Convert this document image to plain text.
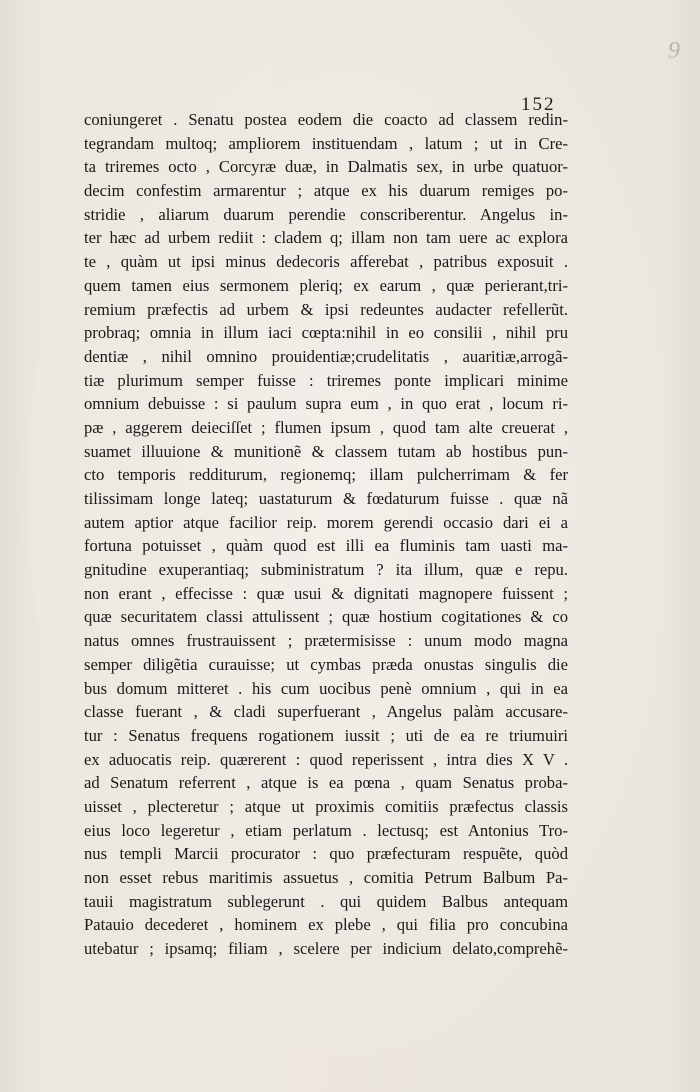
9
152
coniungeret . Senatu postea eodem die coacto ad classem redin-
tegrandam multoq; ampliorem instituendam , latum ; ut in Cre-
ta triremes octo , Corcyræ duæ, in Dalmatis sex, in urbe quatuor-
decim confestim armarentur ; atque ex his duarum remiges po-
stridie , aliarum duarum perendie conscriberentur. Angelus in-
ter hæc ad urbem rediit : cladem q; illam non tam uere ac explora
te , quàm ut ipsi minus dedecoris afferebat , patribus exposuit .
quem tamen eius sermonem pleriq; ex earum , quæ perierant,tri-
remium præfectis ad urbem & ipsi redeuntes audacter refellerũt.
probraq; omnia in illum iaci cœpta:nihil in eo consilii , nihil pru
dentiæ , nihil omnino prouidentiæ;crudelitatis , auaritiæ,arrogã-
tiæ plurimum semper fuisse : triremes ponte implicari minime
omnium debuisse : si paulum supra eum , in quo erat , locum ri-
pæ , aggerem deieciſſet ; flumen ipsum , quod tam alte creuerat ,
suamet illuuione & munitionẽ & classem tutam ab hostibus pun-
cto temporis redditurum, regionemq; illam pulcherrimam & fer
tilissimam longe lateq; uastaturum & fœdaturum fuisse . quæ nã
autem aptior atque facilior reip. morem gerendi occasio dari ei a
fortuna potuisset , quàm quod est illi ea fluminis tam uasti ma-
gnitudine exuperantiaq; subministratum ? ita illum, quæ e repu.
non erant , effecisse : quæ usui & dignitati magnopere fuissent ;
quæ securitatem classi attulissent ; quæ hostium cogitationes & co
natus omnes frustrauissent ; prætermisisse : unum modo magna
semper diligẽtia curauisse; ut cymbas præda onustas singulis die
bus domum mitteret . his cum uocibus penè omnium , qui in ea
classe fuerant , & cladi superfuerant , Angelus palàm accusare-
tur : Senatus frequens rogationem iussit ; uti de ea re triumuiri
ex aduocatis reip. quærerent : quod reperissent , intra dies X V .
ad Senatum referrent , atque is ea pœna , quam Senatus proba-
uisset , plecteretur ; atque ut proximis comitiis præfectus classis
eius loco legeretur , etiam perlatum . lectusq; est Antonius Tro-
nus templi Marcii procurator : quo præfecturam respuẽte, quòd
non esset rebus maritimis assuetus , comitia Petrum Balbum Pa-
tauii magistratum sublegerunt . qui quidem Balbus antequam
Patauio decederet , hominem ex plebe , qui filia pro concubina
utebatur ; ipsamq; filiam , scelere per indicium delato,comprehẽ-
